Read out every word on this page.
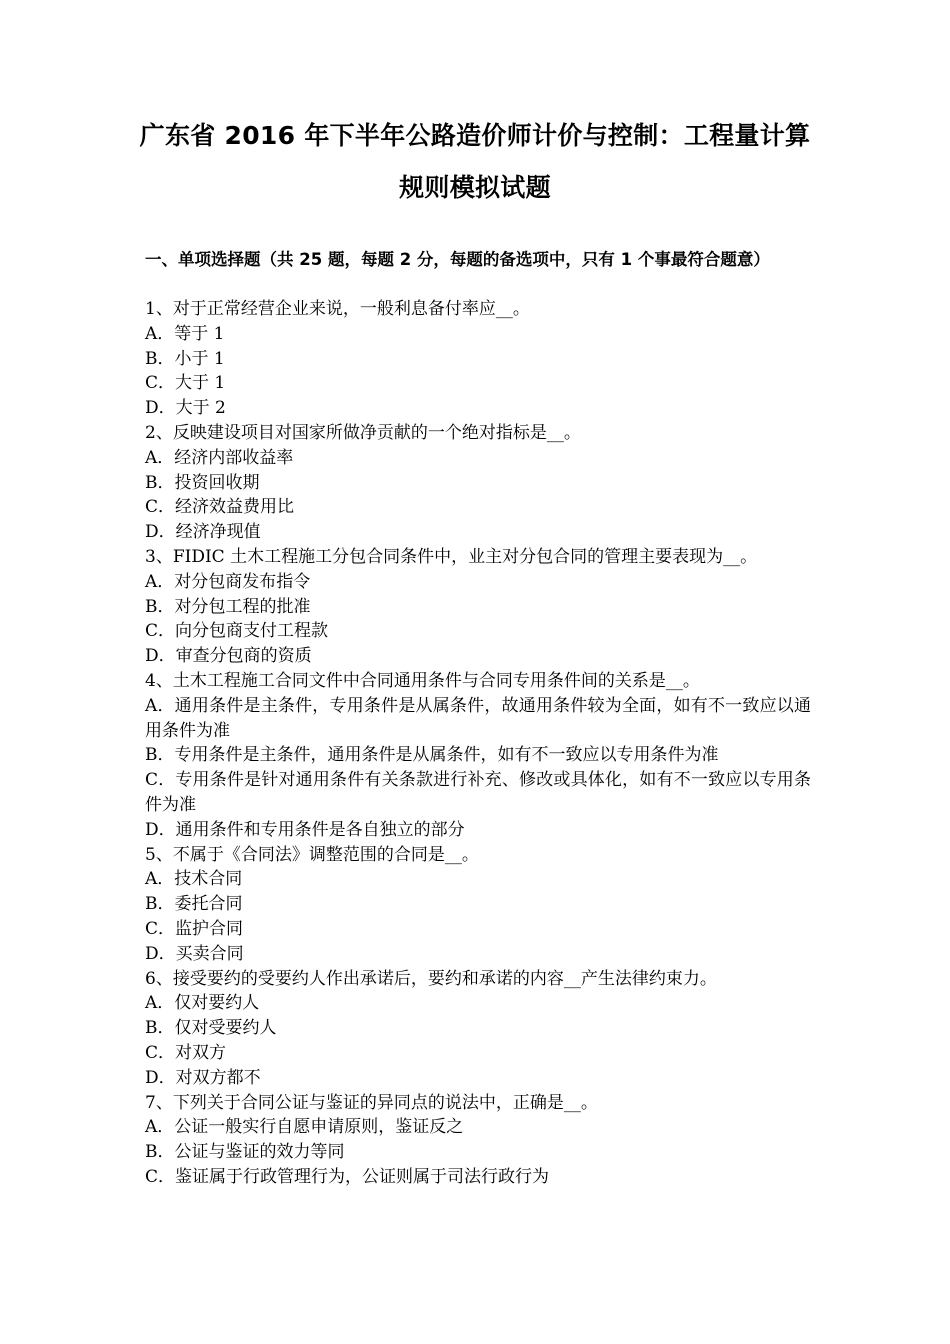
广东省 2016 年下半年公路造价师计价与控制：工程量计算
规则模拟试题
一、单项选择题（共 25 题，每题 2 分，每题的备选项中，只有 1 个事最符合题意）
1、对于正常经营企业来说，一般利息备付率应__。
A．等于 1
B．小于 1
C．大于 1
D．大于 2
2、反映建设项目对国家所做净贡献的一个绝对指标是__。
A．经济内部收益率
B．投资回收期
C．经济效益费用比
D．经济净现值
3、FIDIC 土木工程施工分包合同条件中，业主对分包合同的管理主要表现为__。
A．对分包商发布指令
B．对分包工程的批准
C．向分包商支付工程款
D．审查分包商的资质
4、土木工程施工合同文件中合同通用条件与合同专用条件间的关系是__。
A．通用条件是主条件，专用条件是从属条件，故通用条件较为全面，如有不一致应以通用条件为准
B．专用条件是主条件，通用条件是从属条件，如有不一致应以专用条件为准
C．专用条件是针对通用条件有关条款进行补充、修改或具体化，如有不一致应以专用条件为准
D．通用条件和专用条件是各自独立的部分
5、不属于《合同法》调整范围的合同是__。
A．技术合同
B．委托合同
C．监护合同
D．买卖合同
6、接受要约的受要约人作出承诺后，要约和承诺的内容__产生法律约束力。
A．仅对要约人
B．仅对受要约人
C．对双方
D．对双方都不
7、下列关于合同公证与鉴证的异同点的说法中，正确是__。
A．公证一般实行自愿申请原则，鉴证反之
B．公证与鉴证的效力等同
C．鉴证属于行政管理行为，公证则属于司法行政行为
